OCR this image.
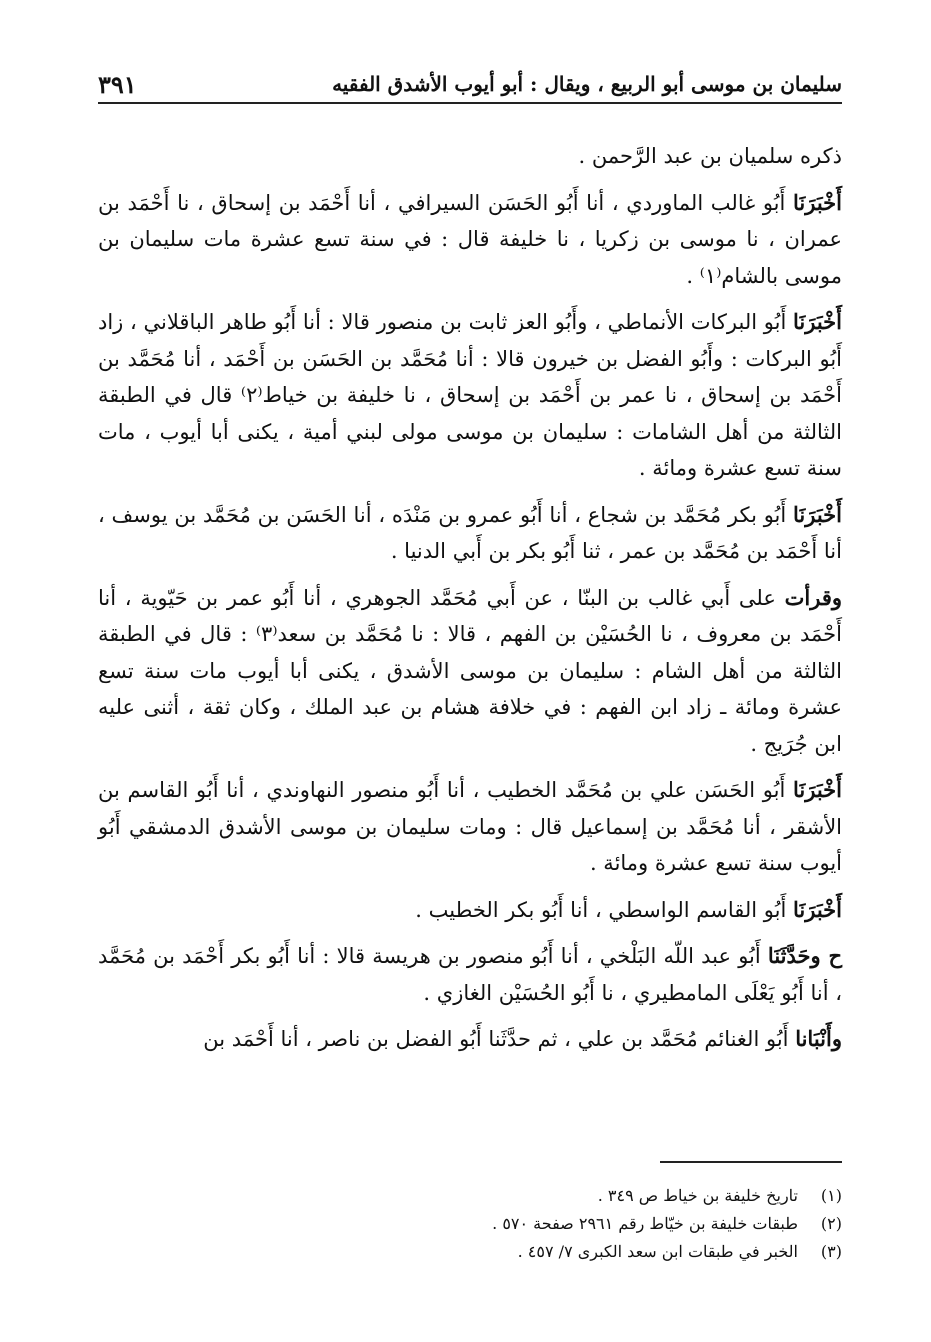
سليمان بن موسى أبو الربيع ، ويقال : أبو أيوب الأشدق الفقيه
٣٩١

ذكره سلميان بن عبد الرَّحمن .

أَخْبَرَنَا أَبُو غالب الماوردي ، أنا أَبُو الحَسَن السيرافي ، أنا أَحْمَد بن إسحاق ، نا أَحْمَد بن عمران ، نا موسى بن زكريا ، نا خليفة قال : في سنة تسع عشرة مات سليمان بن موسى بالشام⁽١⁾ .

أَخْبَرَنَا أَبُو البركات الأنماطي ، وأَبُو العز ثابت بن منصور قالا : أنا أَبُو طاهر الباقلاني ، زاد أَبُو البركات : وأَبُو الفضل بن خيرون قالا : أنا مُحَمَّد بن الحَسَن بن أَحْمَد ، أنا مُحَمَّد بن أَحْمَد بن إسحاق ، نا عمر بن أَحْمَد بن إسحاق ، نا خليفة بن خياط⁽٢⁾ قال في الطبقة الثالثة من أهل الشامات : سليمان بن موسى مولى لبني أمية ، يكنى أبا أيوب ، مات سنة تسع عشرة ومائة .

أَخْبَرَنَا أَبُو بكر مُحَمَّد بن شجاع ، أنا أَبُو عمرو بن مَنْدَه ، أنا الحَسَن بن مُحَمَّد بن يوسف ، أنا أَحْمَد بن مُحَمَّد بن عمر ، ثنا أَبُو بكر بن أَبي الدنيا .

وقرأت على أَبي غالب بن البنّا ، عن أَبي مُحَمَّد الجوهري ، أنا أَبُو عمر بن حَيّوية ، أنا أَحْمَد بن معروف ، نا الحُسَيْن بن الفهم ، قالا : نا مُحَمَّد بن سعد⁽٣⁾ : قال في الطبقة الثالثة من أهل الشام : سليمان بن موسى الأشدق ، يكنى أبا أيوب مات سنة تسع عشرة ومائة ـ زاد ابن الفهم : في خلافة هشام بن عبد الملك ، وكان ثقة ، أثنى عليه ابن جُرَيج .

أَخْبَرَنَا أَبُو الحَسَن علي بن مُحَمَّد الخطيب ، أنا أَبُو منصور النهاوندي ، أنا أَبُو القاسم بن الأشقر ، أنا مُحَمَّد بن إسماعيل قال : ومات سليمان بن موسى الأشدق الدمشقي أَبُو أيوب سنة تسع عشرة ومائة .

أَخْبَرَنَا أَبُو القاسم الواسطي ، أنا أَبُو بكر الخطيب .

ح وحَدَّثَنَا أَبُو عبد اللّه البَلْخي ، أنا أَبُو منصور بن هريسة قالا : أنا أَبُو بكر أَحْمَد بن مُحَمَّد ، أنا أَبُو يَعْلَى المامطيري ، نا أَبُو الحُسَيْن الغازي .

وأَنْبَانا أَبُو الغنائم مُحَمَّد بن علي ، ثم حدَّثَنا أَبُو الفضل بن ناصر ، أنا أَحْمَد بن

(١)تاريخ خليفة بن خياط ص ٣٤٩ .

(٢)طبقات خليفة بن خيّاط رقم ٢٩٦١ صفحة ٥٧٠ .

(٣)الخبر في طبقات ابن سعد الكبرى ٧/ ٤٥٧ .
